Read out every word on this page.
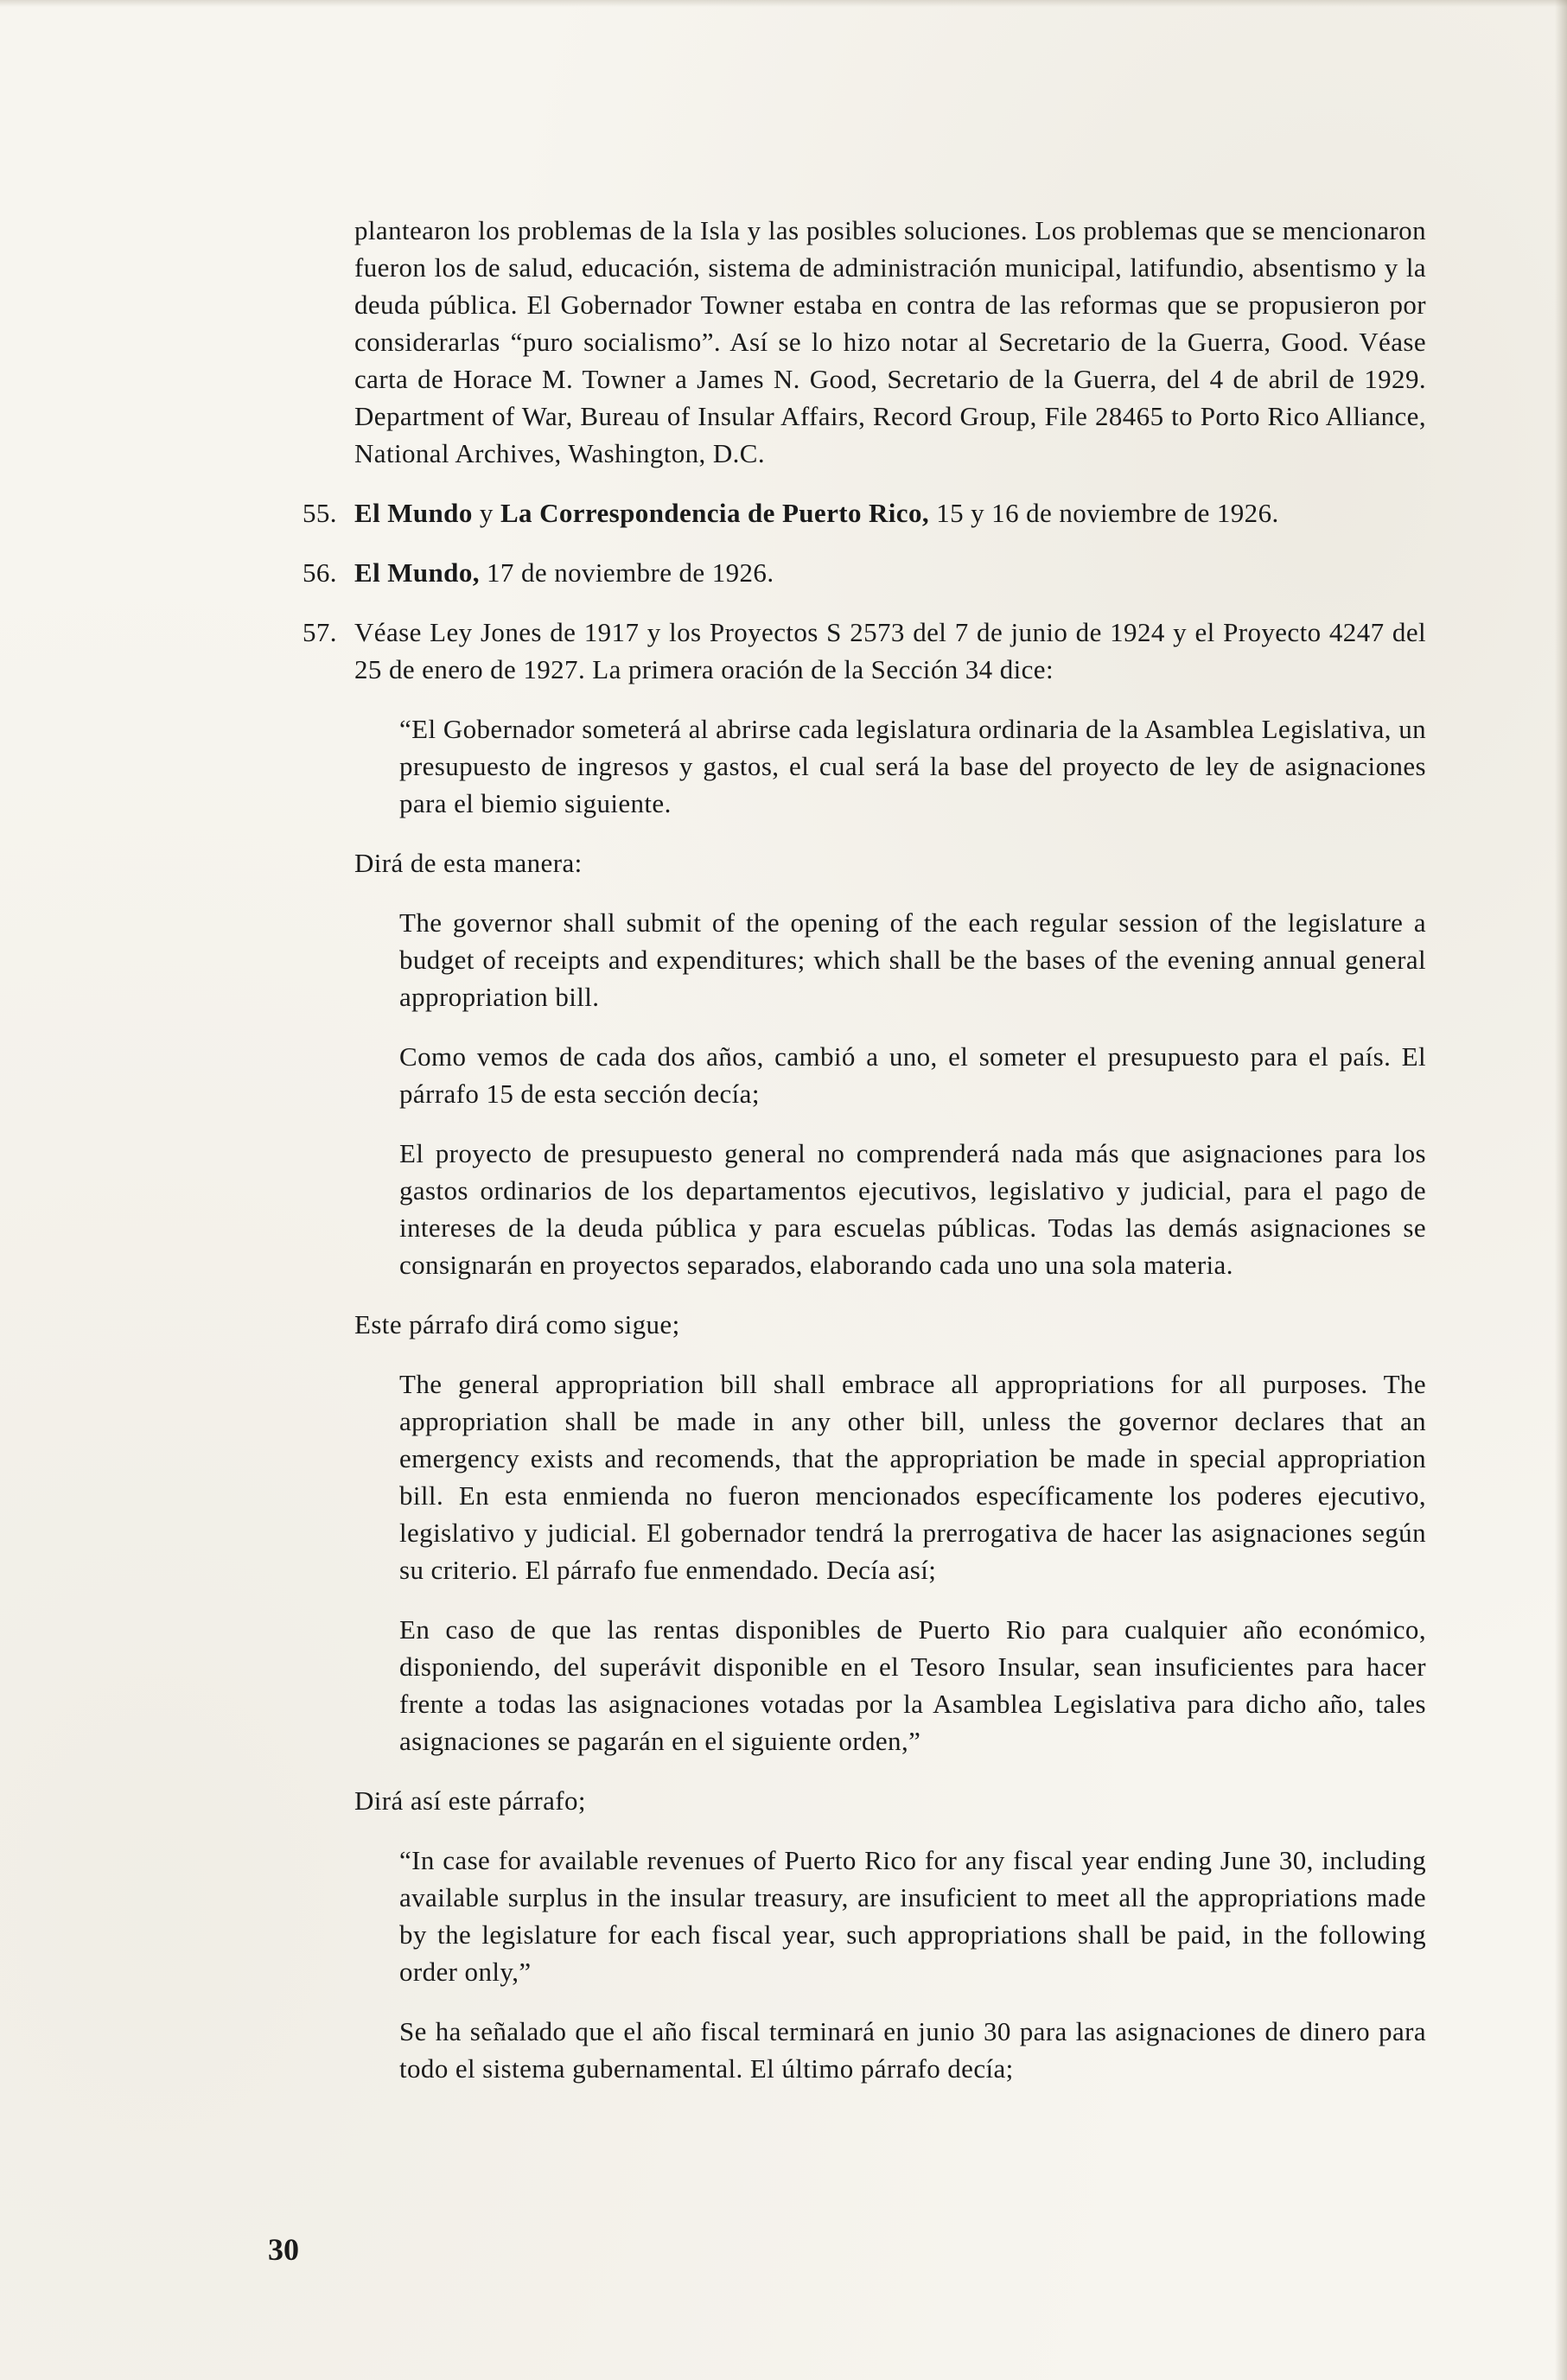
plantearon los problemas de la Isla y las posibles soluciones. Los problemas que se mencionaron fueron los de salud, educación, sistema de administración municipal, latifundio, absentismo y la deuda pública. El Gobernador Towner estaba en contra de las reformas que se propusieron por considerarlas “puro socialismo”. Así se lo hizo notar al Secretario de la Guerra, Good. Véase carta de Horace M. Towner a James N. Good, Secretario de la Guerra, del 4 de abril de 1929. Department of War, Bureau of Insular Affairs, Record Group, File 28465 to Porto Rico Alliance, National Archives, Washington, D.C.

55. El Mundo y La Correspondencia de Puerto Rico, 15 y 16 de noviembre de 1926.
56. El Mundo, 17 de noviembre de 1926.
57. Véase Ley Jones de 1917 y los Proyectos S 2573 del 7 de junio de 1924 y el Proyecto 4247 del 25 de enero de 1927. La primera oración de la Sección 34 dice:

“El Gobernador someterá al abrirse cada legislatura ordinaria de la Asamblea Legislativa, un presupuesto de ingresos y gastos, el cual será la base del proyecto de ley de asignaciones para el biemio siguiente.

Dirá de esta manera:

The governor shall submit of the opening of the each regular session of the legislature a budget of receipts and expenditures; which shall be the bases of the evening annual general appropriation bill.

Como vemos de cada dos años, cambió a uno, el someter el presupuesto para el país. El párrafo 15 de esta sección decía;

El proyecto de presupuesto general no comprenderá nada más que asignaciones para los gastos ordinarios de los departamentos ejecutivos, legislativo y judicial, para el pago de intereses de la deuda pública y para escuelas públicas. Todas las demás asignaciones se consignarán en proyectos separados, elaborando cada uno una sola materia.

Este párrafo dirá como sigue;

The general appropriation bill shall embrace all appropriations for all purposes. The appropriation shall be made in any other bill, unless the governor declares that an emergency exists and recomends, that the appropriation be made in special appropriation bill. En esta enmienda no fueron mencionados específicamente los poderes ejecutivo, legislativo y judicial. El gobernador tendrá la prerrogativa de hacer las asignaciones según su criterio. El párrafo fue enmendado. Decía así;

En caso de que las rentas disponibles de Puerto Rio para cualquier año económico, disponiendo, del superávit disponible en el Tesoro Insular, sean insuficientes para hacer frente a todas las asignaciones votadas por la Asamblea Legislativa para dicho año, tales asignaciones se pagarán en el siguiente orden,”

Dirá así este párrafo;

“In case for available revenues of Puerto Rico for any fiscal year ending June 30, including available surplus in the insular treasury, are insuficient to meet all the appropriations made by the legislature for each fiscal year, such appropriations shall be paid, in the following order only,”

Se ha señalado que el año fiscal terminará en junio 30 para las asignaciones de dinero para todo el sistema gubernamental. El último párrafo decía;

30
